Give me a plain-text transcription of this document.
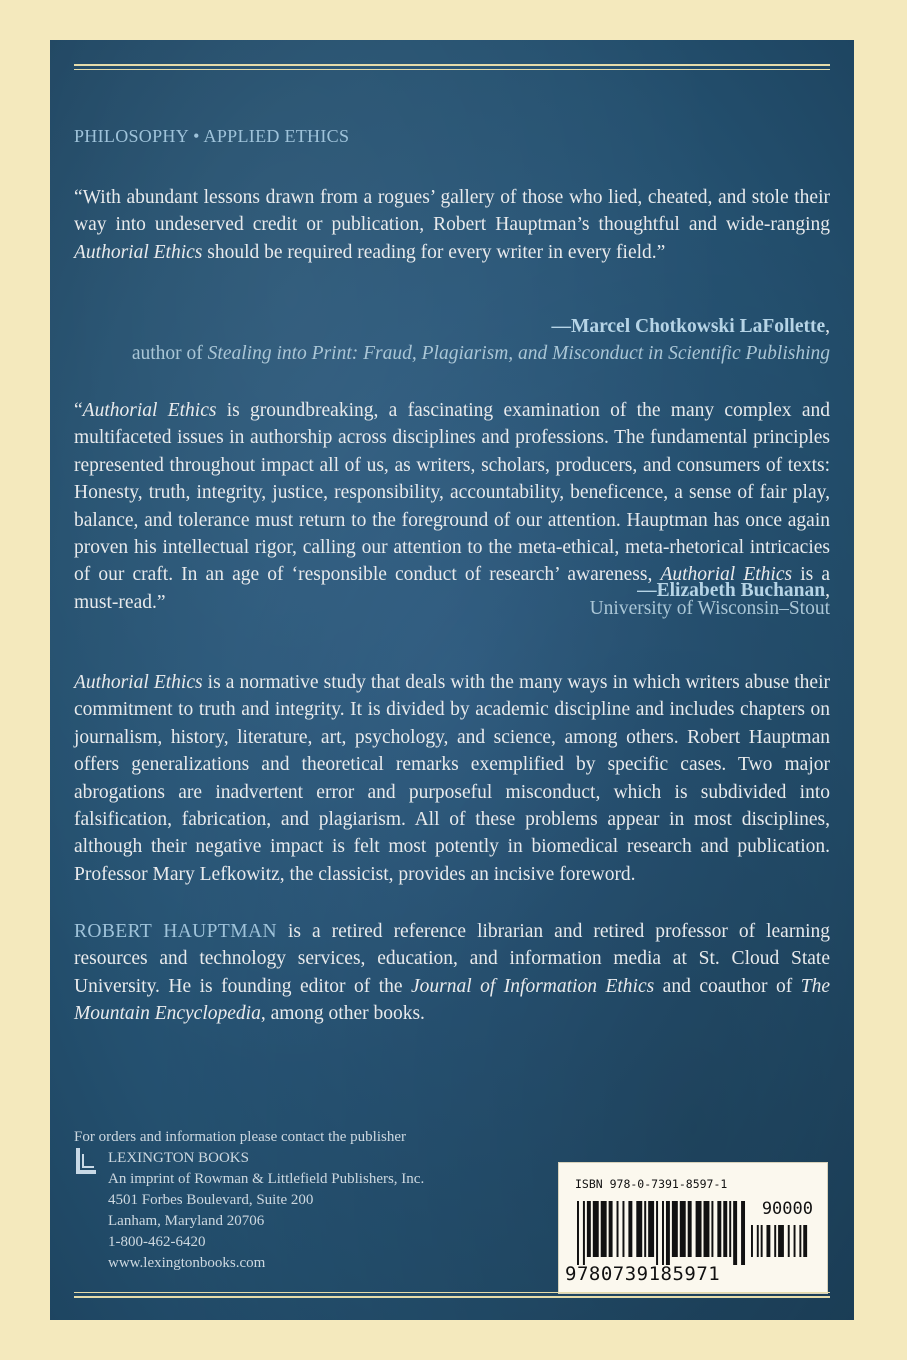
PHILOSOPHY • APPLIED ETHICS
“With abundant lessons drawn from a rogues’ gallery of those who lied, cheated, and stole their way into undeserved credit or publication, Robert Hauptman’s thoughtful and wide-ranging Authorial Ethics should be required reading for every writer in every field.”
—Marcel Chotkowski LaFollette,
author of Stealing into Print: Fraud, Plagiarism, and Misconduct in Scientific Publishing
“Authorial Ethics is groundbreaking, a fascinating examination of the many complex and multifaceted issues in authorship across disciplines and professions. The fundamental principles represented throughout impact all of us, as writers, scholars, producers, and consumers of texts: Honesty, truth, integrity, justice, responsibility, accountability, beneficence, a sense of fair play, balance, and tolerance must return to the foreground of our attention. Hauptman has once again proven his intellectual rigor, calling our attention to the meta-ethical, meta-rhetorical intricacies of our craft. In an age of ‘responsible conduct of research’ awareness, Authorial Ethics is a must-read.”
—Elizabeth Buchanan,
University of Wisconsin–Stout
Authorial Ethics is a normative study that deals with the many ways in which writers abuse their commitment to truth and integrity. It is divided by academic discipline and includes chapters on journalism, history, literature, art, psychology, and science, among others. Robert Hauptman offers generalizations and theoretical remarks exemplified by specific cases. Two major abrogations are inadvertent error and purposeful misconduct, which is subdivided into falsification, fabrication, and plagiarism. All of these problems appear in most disciplines, although their negative impact is felt most potently in biomedical research and publication. Professor Mary Lefkowitz, the classicist, provides an incisive foreword.
ROBERT HAUPTMAN is a retired reference librarian and retired professor of learning resources and technology services, education, and information media at St. Cloud State University. He is founding editor of the Journal of Information Ethics and coauthor of The Mountain Encyclopedia, among other books.
For orders and information please contact the publisher
LEXINGTON BOOKS
An imprint of Rowman & Littlefield Publishers, Inc.
4501 Forbes Boulevard, Suite 200
Lanham, Maryland 20706
1-800-462-6420
www.lexingtonbooks.com
ISBN 978-0-7391-8597-1
90000
9780739185971
